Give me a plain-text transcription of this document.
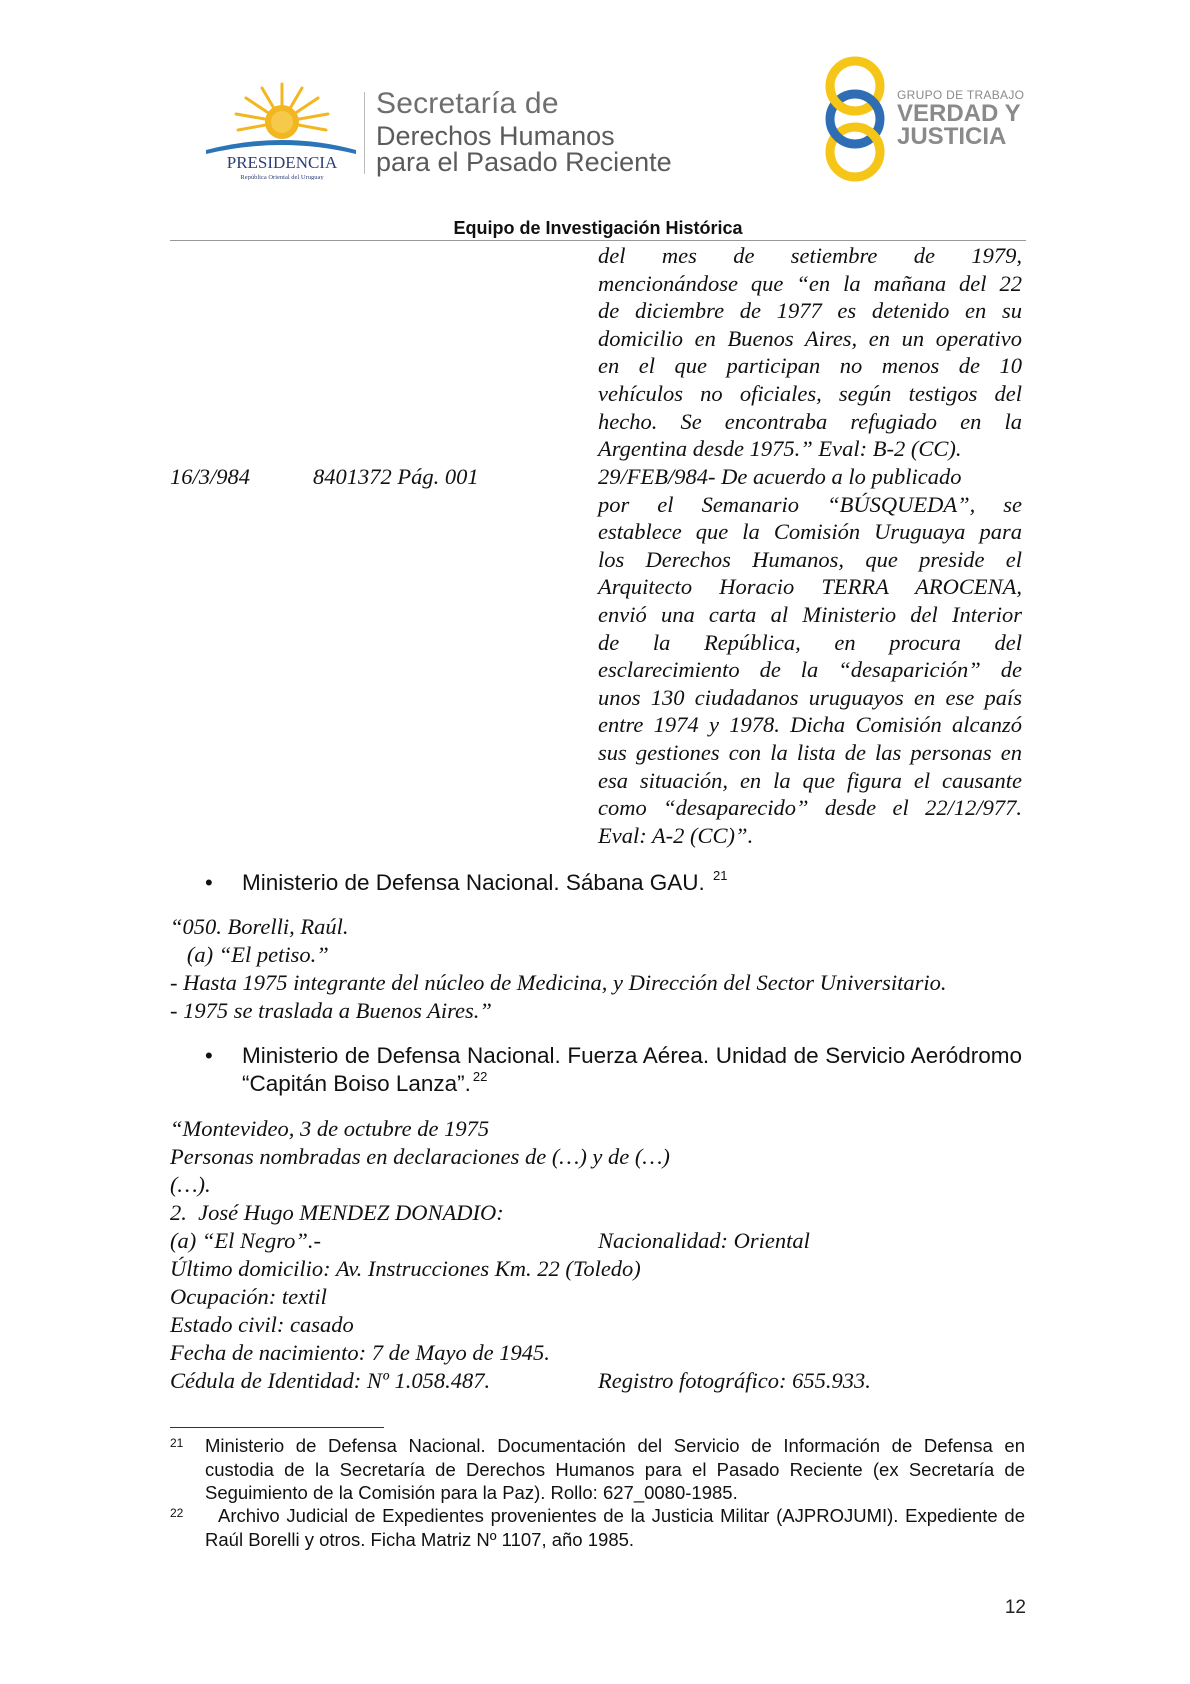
PRESIDENCIA
República Oriental del Uruguay
Secretaría de
Derechos Humanos
para el Pasado Reciente
GRUPO DE TRABAJO
VERDAD Y
JUSTICIA
Equipo de Investigación Histórica
del mes de setiembre de 1979,
mencionándose que “en la mañana del 22
de diciembre de 1977 es detenido en su
domicilio en Buenos Aires, en un operativo
en el que participan no menos de 10
vehículos no oficiales, según testigos del
hecho. Se encontraba refugiado en la
Argentina desde 1975.” Eval: B-2 (CC).
16/3/984	8401372 Pág. 001	29/FEB/984- De acuerdo a lo publicado
por el Semanario “BÚSQUEDA”, se
establece que la Comisión Uruguaya para
los Derechos Humanos, que preside el
Arquitecto Horacio TERRA AROCENA,
envió una carta al Ministerio del Interior
de la República, en procura del
esclarecimiento de la “desaparición” de
unos 130 ciudadanos uruguayos en ese país
entre 1974 y 1978. Dicha Comisión alcanzó
sus gestiones con la lista de las personas en
esa situación, en la que figura el causante
como “desaparecido” desde el 22/12/977.
Eval: A-2 (CC)”.
• Ministerio de Defensa Nacional. Sábana GAU. $^{21}$
“050. Borelli, Raúl.
(a) “El petiso.”
- Hasta 1975 integrante del núcleo de Medicina, y Dirección del Sector Universitario.
- 1975 se traslada a Buenos Aires.”
• Ministerio de Defensa Nacional. Fuerza Aérea. Unidad de Servicio Aeródromo “Capitán Boiso Lanza”. $^{22}$
“Montevideo, 3 de octubre de 1975
Personas nombradas en declaraciones de (…) y de (…)
(…).
2.  José Hugo MENDEZ DONADIO:
(a) “El Negro”.-	Nacionalidad: Oriental
Último domicilio: Av. Instrucciones Km. 22 (Toledo)
Ocupación: textil
Estado civil: casado
Fecha de nacimiento: 7 de Mayo de 1945.
Cédula de Identidad: Nº 1.058.487.	Registro fotográfico: 655.933.
21 Ministerio de Defensa Nacional. Documentación del Servicio de Información de Defensa en custodia de la Secretaría de Derechos Humanos para el Pasado Reciente (ex Secretaría de Seguimiento de la Comisión para la Paz). Rollo: 627_0080-1985.
22	Archivo Judicial de Expedientes provenientes de la Justicia Militar (AJPROJUMI). Expediente de Raúl Borelli y otros. Ficha Matriz Nº 1107, año 1985.
12
